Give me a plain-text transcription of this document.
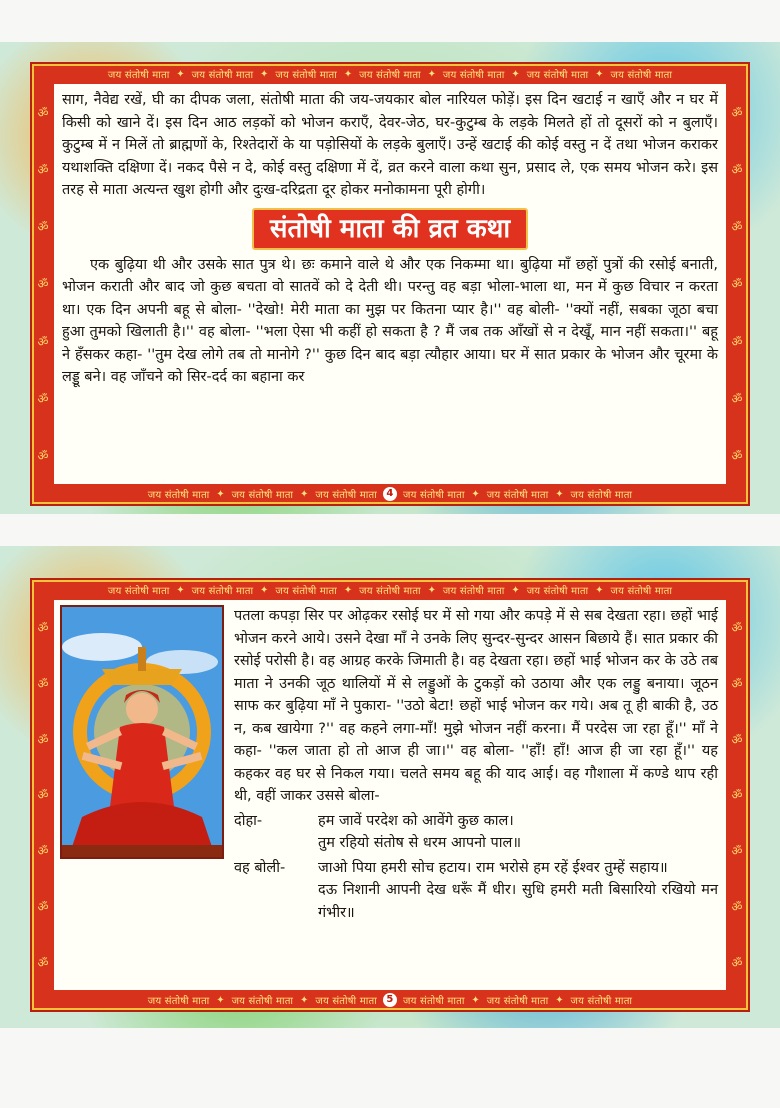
जय संतोषी माता ✦ जय संतोषी माता ✦ जय संतोषी माता ✦ जय संतोषी माता ✦ जय संतोषी माता ✦ जय संतोषी माता ✦ जय संतोषी माता
ॐ
ॐ
ॐ
ॐ
ॐ
ॐ
ॐ
ॐ
ॐ
ॐ
ॐ
ॐ
ॐ
ॐ

साग, नैवेद्य रखें, घी का दीपक जला, संतोषी माता की जय-जयकार बोल नारियल फोड़ें। इस दिन खटाई न खाएँ और न घर में किसी को खाने दें। इस दिन आठ लड़कों को भोजन कराएँ, देवर-जेठ, घर-कुटुम्ब के लड़के मिलते हों तो दूसरों को न बुलाएँ। कुटुम्ब में न मिलें तो ब्राह्मणों के, रिश्तेदारों के या पड़ोसियों के लड़के बुलाएँ। उन्हें खटाई की कोई वस्तु न दें तथा भोजन कराकर यथाशक्ति दक्षिणा दें। नकद पैसे न दे, कोई वस्तु दक्षिणा में दें, व्रत करने वाला कथा सुन, प्रसाद ले, एक समय भोजन करे। इस तरह से माता अत्यन्त खुश होगी और दुःख-दरिद्रता दूर होकर मनोकामना पूरी होगी।

संतोषी माता की व्रत कथा

एक बुढ़िया थी और उसके सात पुत्र थे। छः कमाने वाले थे और एक निकम्मा था। बुढ़िया माँ छहों पुत्रों की रसोई बनाती, भोजन कराती और बाद जो कुछ बचता वो सातवें को दे देती थी। परन्तु वह बड़ा भोला-भाला था, मन में कुछ विचार न करता था। एक दिन अपनी बहू से बोला- ''देखो! मेरी माता का मुझ पर कितना प्यार है।'' वह बोली- ''क्यों नहीं, सबका जूठा बचा हुआ तुमको खिलाती है।'' वह बोला- ''भला ऐसा भी कहीं हो सकता है ? मैं जब तक आँखों से न देखूँ, मान नहीं सकता।'' बहू ने हँसकर कहा- ''तुम देख लोगे तब तो मानोगे ?'' कुछ दिन बाद बड़ा त्यौहार आया। घर में सात प्रकार के भोजन और चूरमा के लड्डू बने। वह जाँचने को सिर-दर्द का बहाना कर

जय संतोषी माता ✦ जय संतोषी माता ✦ जय संतोषी माता 4 जय संतोषी माता ✦ जय संतोषी माता ✦ जय संतोषी माता
जय संतोषी माता ✦ जय संतोषी माता ✦ जय संतोषी माता ✦ जय संतोषी माता ✦ जय संतोषी माता ✦ जय संतोषी माता ✦ जय संतोषी माता
ॐ
ॐ
ॐ
ॐ
ॐ
ॐ
ॐ
ॐ
ॐ
ॐ
ॐ
ॐ
ॐ
ॐ

पतला कपड़ा सिर पर ओढ़कर रसोई घर में सो गया और कपड़े में से सब देखता रहा। छहों भाई भोजन करने आये। उसने देखा माँ ने उनके लिए सुन्दर-सुन्दर आसन बिछाये हैं। सात प्रकार की रसोई परोसी है। वह आग्रह करके जिमाती है। वह देखता रहा। छहों भाई भोजन कर के उठे तब माता ने उनकी जूठ थालियों में से लड्डुओं के टुकड़ों को उठाया और एक लड्डु बनाया। जूठन साफ कर बुढ़िया माँ ने पुकारा- ''उठो बेटा! छहों भाई भोजन कर गये। अब तू ही बाकी है, उठ न, कब खायेगा ?'' वह कहने लगा-माँ! मुझे भोजन नहीं करना। मैं परदेस जा रहा हूँ।'' माँ ने कहा- ''कल जाता हो तो आज ही जा।'' वह बोला- ''हाँ! हाँ! आज ही जा रहा हूँ।'' यह कहकर वह घर से निकल गया। चलते समय बहू की याद आई। वह गौशाला में कण्डे थाप रही थी, वहीं जाकर उससे बोला-

दोहा-	हम जावें परदेश को आवेंगे कुछ काल।
तुम रहियो संतोष से धरम आपनो पाल॥
वह बोली-	जाओ पिया हमरी सोच हटाय। राम भरोसे हम रहें ईश्वर तुम्हें सहाय॥
दऊ निशानी आपनी देख धरूँ मैं धीर। सुधि हमरी मती बिसारियो रखियो मन गंभीर॥
जय संतोषी माता ✦ जय संतोषी माता ✦ जय संतोषी माता 5 जय संतोषी माता ✦ जय संतोषी माता ✦ जय संतोषी माता
